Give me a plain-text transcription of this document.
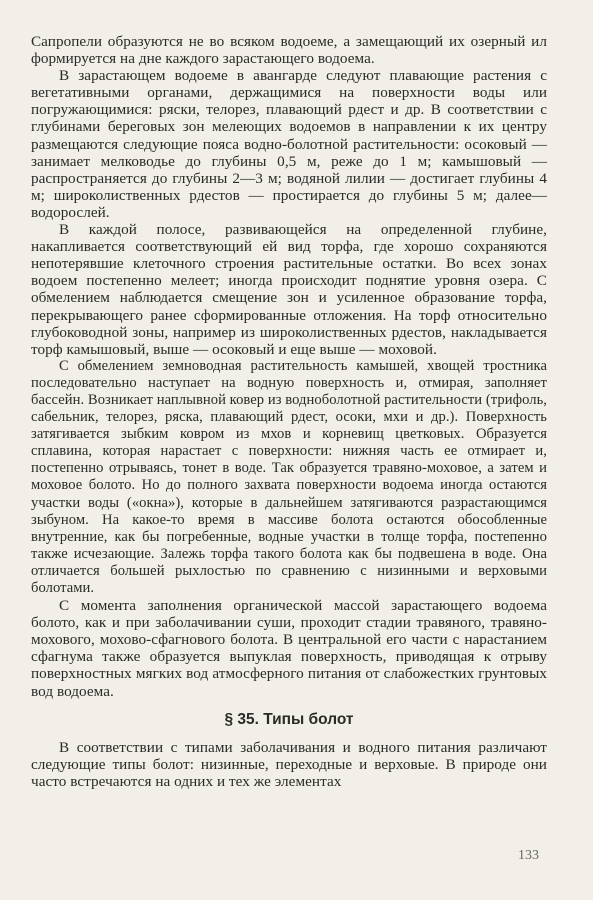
Сапропели образуются не во всяком водоеме, а замещающий их озерный ил формируется на дне каждого зарастающего водоема.

В зарастающем водоеме в авангарде следуют плавающие растения с вегетативными органами, держащимися на поверхности воды или погружающимися: ряски, телорез, плавающий рдест и др. В соответствии с глубинами береговых зон мелеющих водоемов в направлении к их центру размещаются следующие пояса водно-болотной растительности: осоковый — занимает мелководье до глубины 0,5 м, реже до 1 м; камышовый — распространяется до глубины 2—3 м; водяной лилии — достигает глубины 4 м; широколиственных рдестов — простирается до глубины 5 м; далее— водорослей.

В каждой полосе, развивающейся на определенной глубине, накапливается соответствующий ей вид торфа, где хорошо сохраняются непотерявшие клеточного строения растительные остатки. Во всех зонах водоем постепенно мелеет; иногда происходит поднятие уровня озера. С обмелением наблюдается смещение зон и усиленное образование торфа, перекрывающего ранее сформированные отложения. На торф относительно глубоководной зоны, например из широколиственных рдестов, накладывается торф камышовый, выше — осоковый и еще выше — моховой.

С обмелением земноводная растительность камышей, хвощей тростника последовательно наступает на водную поверхность и, отмирая, заполняет бассейн. Возникает наплывной ковер из водноболотной растительности (трифоль, сабельник, телорез, ряска, плавающий рдест, осоки, мхи и др.). Поверхность затягивается зыбким ковром из мхов и корневищ цветковых. Образуется сплавина, которая нарастает с поверхности: нижняя часть ее отмирает и, постепенно отрываясь, тонет в воде. Так образуется травяно-моховое, а затем и моховое болото. Но до полного захвата поверхности водоема иногда остаются участки воды («окна»), которые в дальнейшем затягиваются разрастающимся зыбуном. На какое-то время в массиве болота остаются обособленные внутренние, как бы погребенные, водные участки в толще торфа, постепенно также исчезающие. Залежь торфа такого болота как бы подвешена в воде. Она отличается большей рыхлостью по сравнению с низинными и верховыми болотами.

С момента заполнения органической массой зарастающего водоема болото, как и при заболачивании суши, проходит стадии травяного, травяно-мохового, мохово-сфагнового болота. В центральной его части с нарастанием сфагнума также образуется выпуклая поверхность, приводящая к отрыву поверхностных мягких вод атмосферного питания от слабожестких грунтовых вод водоема.

§ 35. Типы болот

В соответствии с типами заболачивания и водного питания различают следующие типы болот: низинные, переходные и верховые. В природе они часто встречаются на одних и тех же элементах

133
